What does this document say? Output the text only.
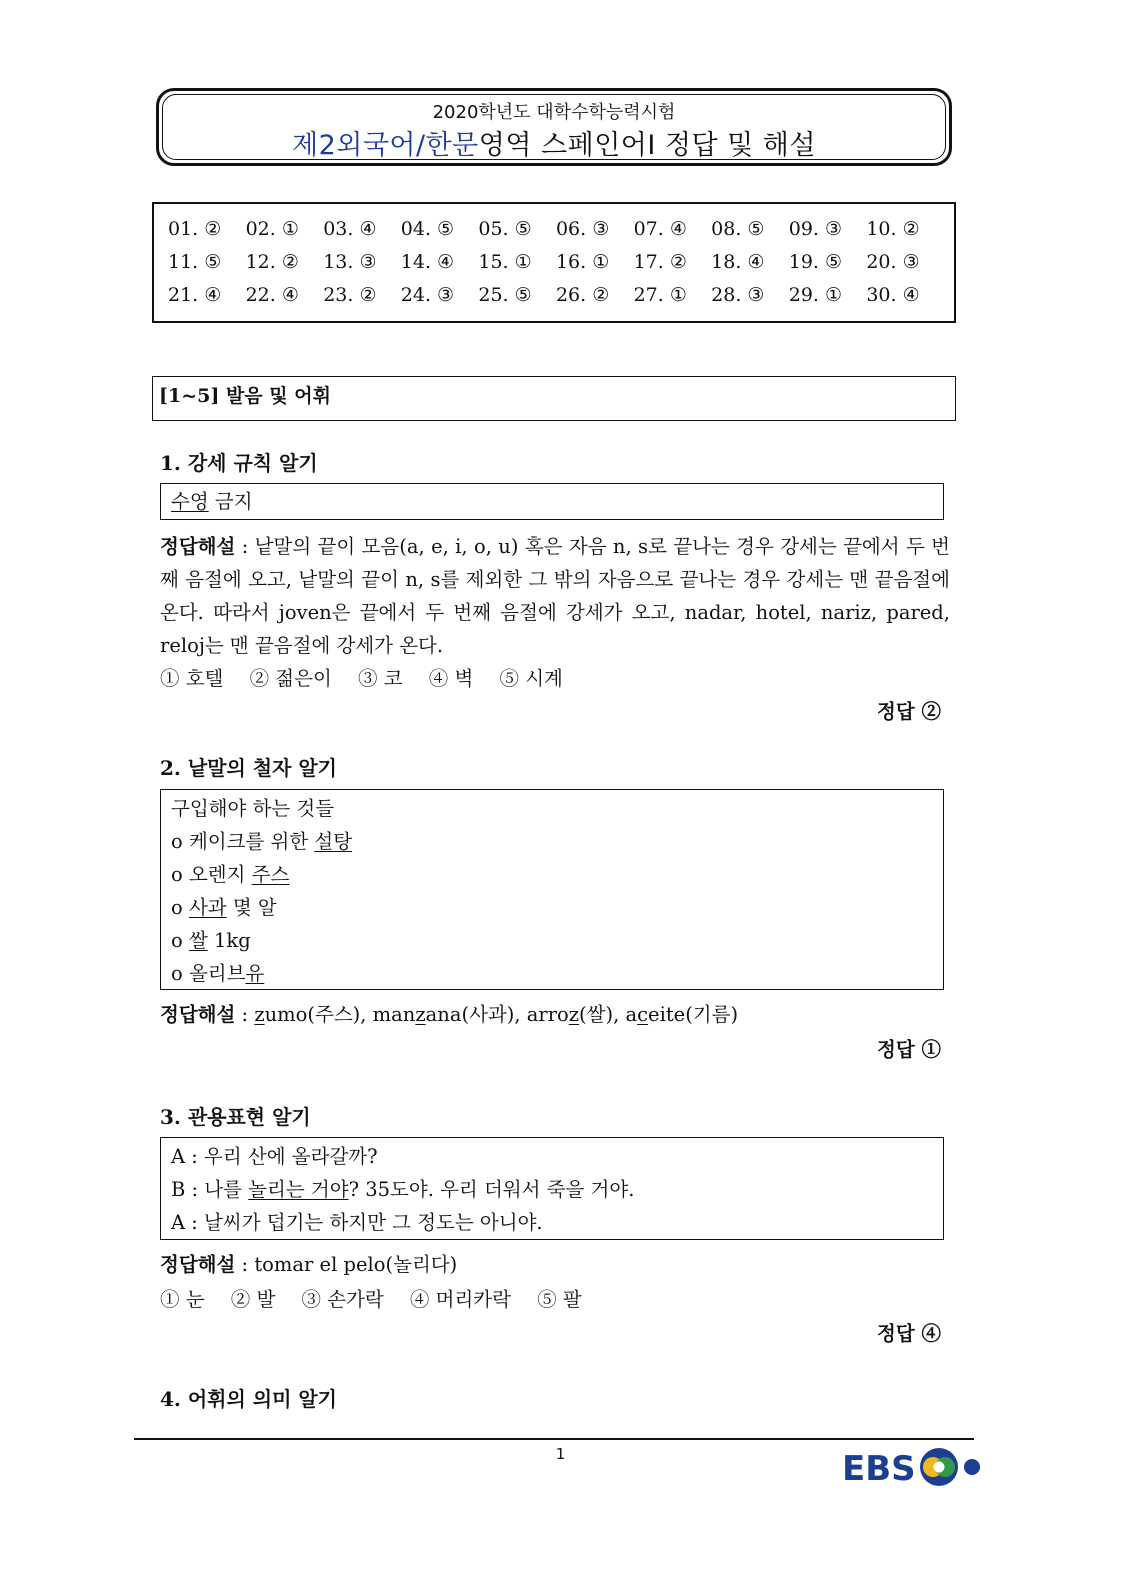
2020학년도 대학수학능력시험
제2외국어/한문영역 스페인어Ⅰ 정답 및 해설
01. ②	02. ①	03. ④	04. ⑤	05. ⑤	06. ③	07. ④	08. ⑤	09. ③	10. ②
11. ⑤	12. ②	13. ③	14. ④	15. ①	16. ①	17. ②	18. ④	19. ⑤	20. ③
21. ④	22. ④	23. ②	24. ③	25. ⑤	26. ②	27. ①	28. ③	29. ①	30. ④
[1~5] 발음 및 어휘
1. 강세 규칙 알기
수영 금지
정답해설 : 낱말의 끝이 모음(a, e, i, o, u) 혹은 자음 n, s로 끝나는 경우 강세는 끝에서 두 번째 음절에 오고, 낱말의 끝이 n, s를 제외한 그 밖의 자음으로 끝나는 경우 강세는 맨 끝음절에 온다. 따라서 joven은 끝에서 두 번째 음절에 강세가 오고, nadar, hotel, nariz, pared, reloj는 맨 끝음절에 강세가 온다.
① 호텔 ② 젊은이 ③ 코 ④ 벽 ⑤ 시계
정답 ②
2. 낱말의 철자 알기
구입해야 하는 것들
ο 케이크를 위한 설탕
ο 오렌지 주스
ο 사과 몇 알
ο 쌀 1kg
ο 올리브유
정답해설 : zumo(주스), manzana(사과), arroz(쌀), aceite(기름)
정답 ①
3. 관용표현 알기
A : 우리 산에 올라갈까?
B : 나를 놀리는 거야? 35도야. 우리 더워서 죽을 거야.
A : 날씨가 덥기는 하지만 그 정도는 아니야.
정답해설 : tomar el pelo(놀리다)
① 눈 ② 발 ③ 손가락 ④ 머리카락 ⑤ 팔
정답 ④
4. 어휘의 의미 알기
1	EBS
